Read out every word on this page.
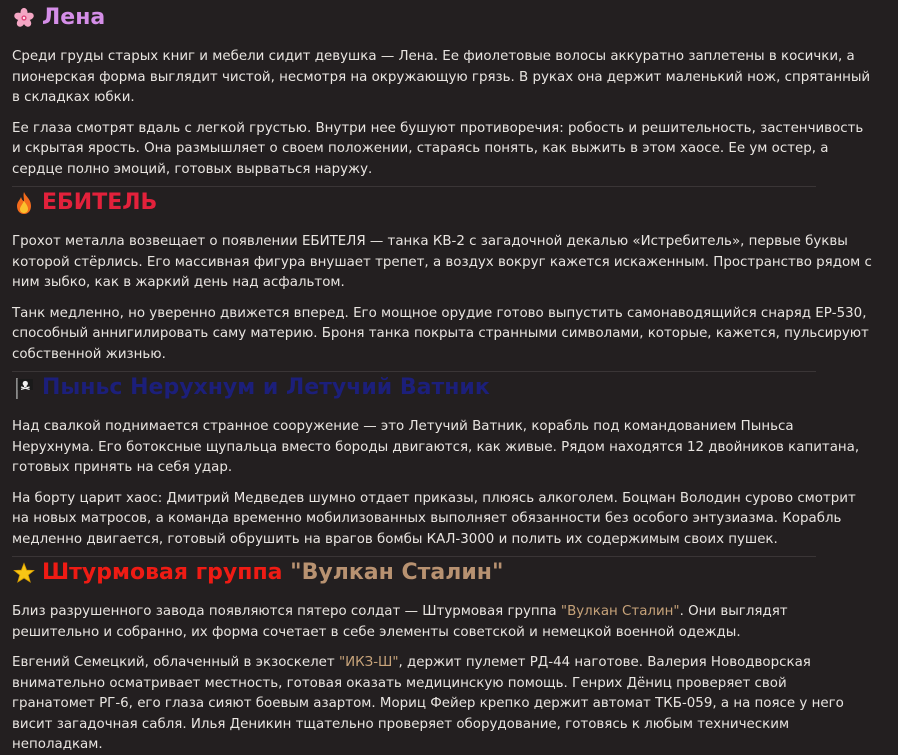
Лена

Среди груды старых книг и мебели сидит девушка — Лена. Ее фиолетовые волосы аккуратно заплетены в косички, а пионерская форма выглядит чистой, несмотря на окружающую грязь. В руках она держит маленький нож, спрятанный в складках юбки.

Ее глаза смотрят вдаль с легкой грустью. Внутри нее бушуют противоречия: робость и решительность, застенчивость и скрытая ярость. Она размышляет о своем положении, стараясь понять, как выжить в этом хаосе. Ее ум остер, а сердце полно эмоций, готовых вырваться наружу.

ЕБИТЕЛЬ

Грохот металла возвещает о появлении ЕБИТЕЛЯ — танка КВ-2 с загадочной декалью «Истребитель», первые буквы которой стёрлись. Его массивная фигура внушает трепет, а воздух вокруг кажется искаженным. Пространство рядом с ним зыбко, как в жаркий день над асфальтом.

Танк медленно, но уверенно движется вперед. Его мощное орудие готово выпустить самонаводящийся снаряд ЕР-530, способный аннигилировать саму материю. Броня танка покрыта странными символами, которые, кажется, пульсируют собственной жизнью.

Пыньс Нерухнум и Летучий Ватник

Над свалкой поднимается странное сооружение — это Летучий Ватник, корабль под командованием Пыньса Нерухнума. Его ботоксные щупальца вместо бороды двигаются, как живые. Рядом находятся 12 двойников капитана, готовых принять на себя удар.

На борту царит хаос: Дмитрий Медведев шумно отдает приказы, плюясь алкоголем. Боцман Володин сурово смотрит на новых матросов, а команда временно мобилизованных выполняет обязанности без особого энтузиазма. Корабль медленно двигается, готовый обрушить на врагов бомбы КАЛ-3000 и полить их содержимым своих пушек.

Штурмовая группа "Вулкан Сталин"

Близ разрушенного завода появляются пятеро солдат — Штурмовая группа "Вулкан Сталин". Они выглядят решительно и собранно, их форма сочетает в себе элементы советской и немецкой военной одежды.

Евгений Семецкий, облаченный в экзоскелет "ИКЗ-Ш", держит пулемет РД-44 наготове. Валерия Новодворская внимательно осматривает местность, готовая оказать медицинскую помощь. Генрих Дёниц проверяет свой гранатомет РГ-6, его глаза сияют боевым азартом. Мориц Фейер крепко держит автомат ТКБ-059, а на поясе у него висит загадочная сабля. Илья Деникин тщательно проверяет оборудование, готовясь к любым техническим неполадкам.
